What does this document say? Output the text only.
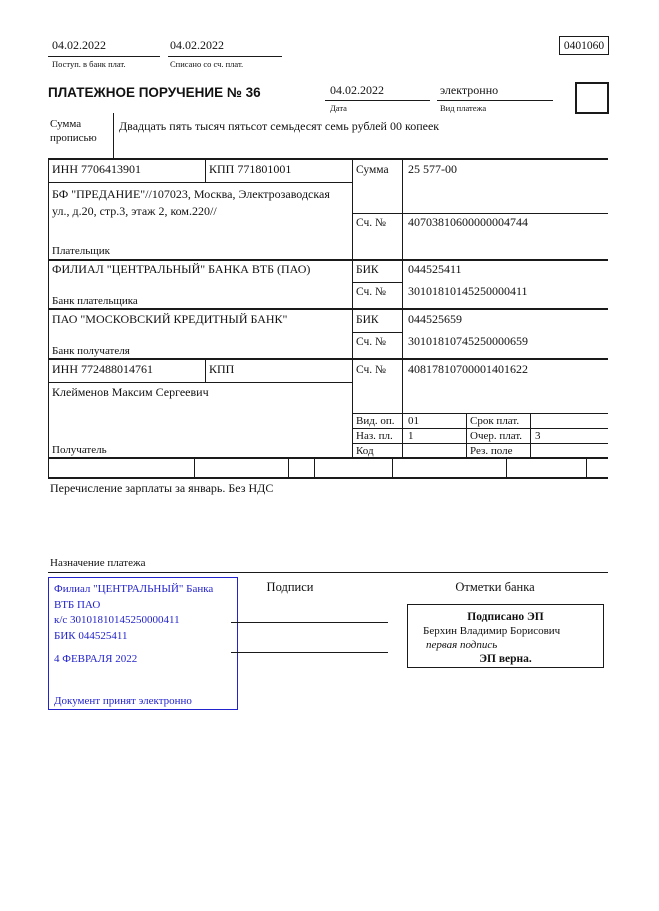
04.02.2022
Поступ. в банк плат.
04.02.2022
Списано со сч. плат.
0401060
ПЛАТЕЖНОЕ ПОРУЧЕНИЕ № 36	04.02.2022
Дата
электронно
Вид платежа
Сумма прописью
Двадцать пять тысяч пятьсот семьдесят семь рублей 00 копеек
ИНН 7706413901	КПП 771801001	Сумма 25 577-00
БФ "ПРЕДАНИЕ"//107023, Москва, Электрозаводская ул., д.20, стр.3, этаж 2, ком.220//
Плательщик
Сч. № 40703810600000004744
ФИЛИАЛ "ЦЕНТРАЛЬНЫЙ" БАНКА ВТБ (ПАО)
Банк плательщика
БИК 044525411
Сч. № 30101810145250000411
ПАО "МОСКОВСКИЙ КРЕДИТНЫЙ БАНК"
Банк получателя
БИК 044525659
Сч. № 30101810745250000659
ИНН 772488014761	КПП	Сч. № 40817810700001401622
Клейменов Максим Сергеевич
Получатель
Вид. оп. 01	Срок плат.
Наз. пл. 1	Очер. плат. 3
Код	Рез. поле
Перечисление зарплаты за январь. Без НДС
Назначение платежа
Подписи	Отметки банка
Филиал "ЦЕНТРАЛЬНЫЙ" Банка
ВТБ ПАО
к/с 30101810145250000411
БИК 044525411
4 ФЕВРАЛЯ 2022
Документ принят электронно
Подписано ЭП
Берхин Владимир Борисович
первая подпись
ЭП верна.
